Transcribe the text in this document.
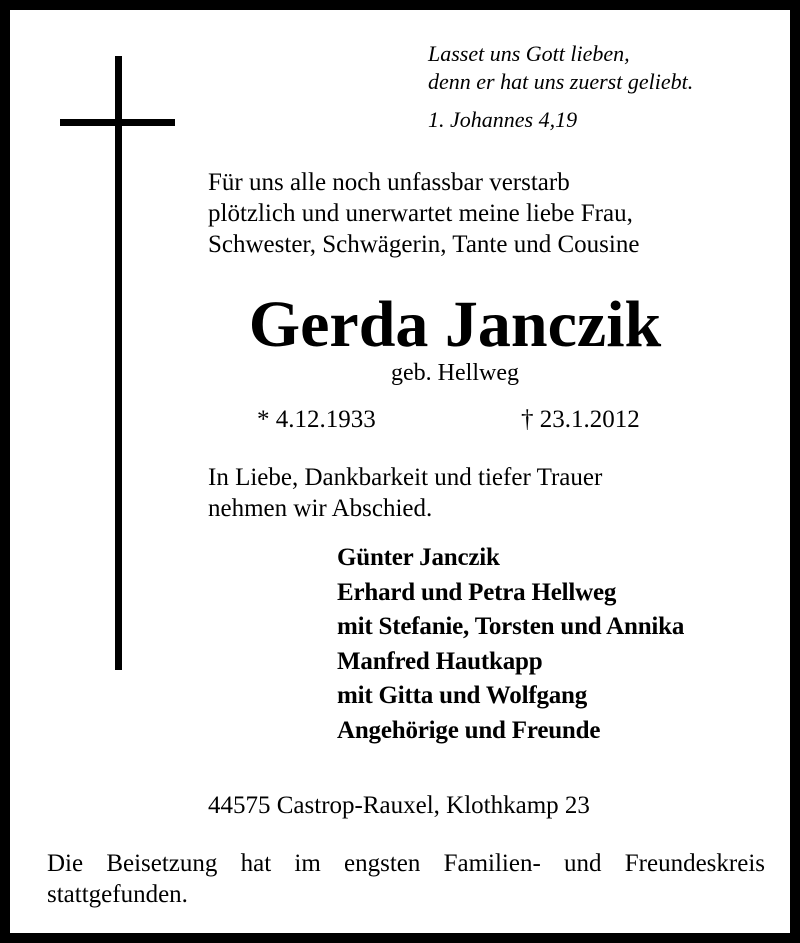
Lasset uns Gott lieben,
denn er hat uns zuerst geliebt.
1. Johannes 4,19
Für uns alle noch unfassbar verstarb
plötzlich und unerwartet meine liebe Frau,
Schwester, Schwägerin, Tante und Cousine
Gerda Janczik
geb. Hellweg
* 4.12.1933	† 23.1.2012
In Liebe, Dankbarkeit und tiefer Trauer
nehmen wir Abschied.
Günter Janczik
Erhard und Petra Hellweg
mit Stefanie, Torsten und Annika
Manfred Hautkapp
mit Gitta und Wolfgang
Angehörige und Freunde
44575 Castrop-Rauxel, Klothkamp 23
Die Beisetzung hat im engsten Familien- und Freundeskreis stattgefunden.
